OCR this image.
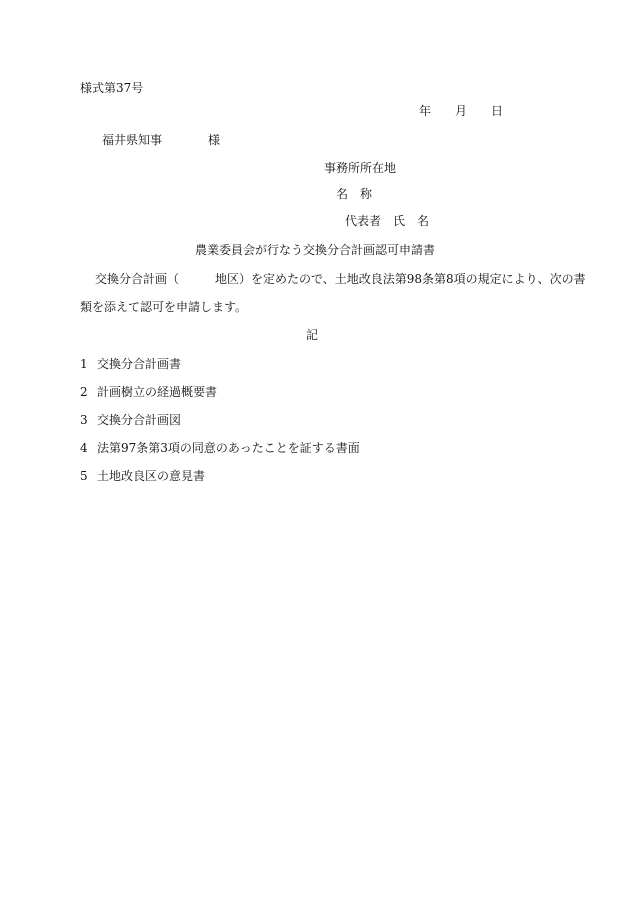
様式第37号
年 月 日
福井県知事	様
事務所所在地
名　称
代表者　氏　名
農業委員会が行なう交換分合計画認可申請書
交換分合計画（　　　地区）を定めたので、土地改良法第98条第8項の規定により、次の書
類を添えて認可を申請します。
記
1 交換分合計画書
2 計画樹立の経過概要書
3 交換分合計画図
4 法第97条第3項の同意のあったことを証する書面
5 土地改良区の意見書
